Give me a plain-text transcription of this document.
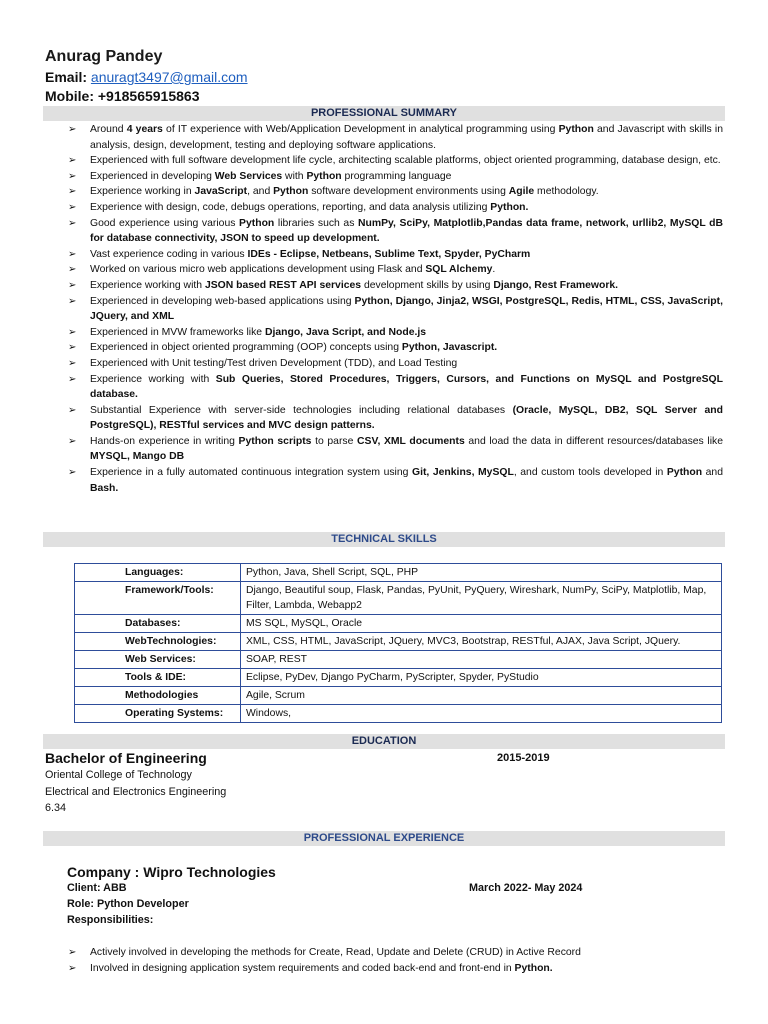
Anurag Pandey
Email: anuragt3497@gmail.com
Mobile: +918565915863
PROFESSIONAL SUMMARY
➢ Around 4 years of IT experience with Web/Application Development in analytical programming using Python and Javascript with skills in analysis, design, development, testing and deploying software applications.
➢ Experienced with full software development life cycle, architecting scalable platforms, object oriented programming, database design, etc.
➢ Experienced in developing Web Services with Python programming language
➢ Experience working in JavaScript, and Python software development environments using Agile methodology.
➢ Experience with design, code, debugs operations, reporting, and data analysis utilizing Python.
➢ Good experience using various Python libraries such as NumPy, SciPy, Matplotlib,Pandas data frame, network, urllib2, MySQL dB for database connectivity, JSON to speed up development.
➢ Vast experience coding in various IDEs - Eclipse, Netbeans, Sublime Text, Spyder, PyCharm
➢ Worked on various micro web applications development using Flask and SQL Alchemy.
➢ Experience working with JSON based REST API services development skills by using Django, Rest Framework.
➢ Experienced in developing web-based applications using Python, Django, Jinja2, WSGI, PostgreSQL, Redis, HTML, CSS, JavaScript, JQuery, and XML
➢ Experienced in MVW frameworks like Django, Java Script, and Node.js
➢ Experienced in object oriented programming (OOP) concepts using Python, Javascript.
➢ Experienced with Unit testing/Test driven Development (TDD), and Load Testing
➢ Experience working with Sub Queries, Stored Procedures, Triggers, Cursors, and Functions on MySQL and PostgreSQL database.
➢ Substantial Experience with server-side technologies including relational databases (Oracle, MySQL, DB2, SQL Server and PostgreSQL), RESTful services and MVC design patterns.
➢ Hands-on experience in writing Python scripts to parse CSV, XML documents and load the data in different resources/databases like MYSQL, Mango DB
➢ Experience in a fully automated continuous integration system using Git, Jenkins, MySQL, and custom tools developed in Python and Bash.
TECHNICAL SKILLS
Languages:	Python, Java, Shell Script, SQL, PHP
Framework/Tools:	Django, Beautiful soup, Flask, Pandas, PyUnit, PyQuery, Wireshark, NumPy, SciPy, Matplotlib, Map, Filter, Lambda, Webapp2
Databases:	MS SQL, MySQL, Oracle
WebTechnologies:	XML, CSS, HTML, JavaScript, JQuery, MVC3, Bootstrap, RESTful, AJAX, Java Script, JQuery.
Web Services:	SOAP, REST
Tools & IDE:	Eclipse, PyDev, Django PyCharm, PyScripter, Spyder, PyStudio
Methodologies	Agile, Scrum
Operating Systems:	Windows,
EDUCATION
Bachelor of Engineering	2015-2019
Oriental College of Technology
Electrical and Electronics Engineering
6.34
PROFESSIONAL EXPERIENCE
Company : Wipro Technologies
Client: ABB	March 2022- May 2024
Role: Python Developer
Responsibilities:
➢ Actively involved in developing the methods for Create, Read, Update and Delete (CRUD) in Active Record
➢ Involved in designing application system requirements and coded back-end and front-end in Python.
